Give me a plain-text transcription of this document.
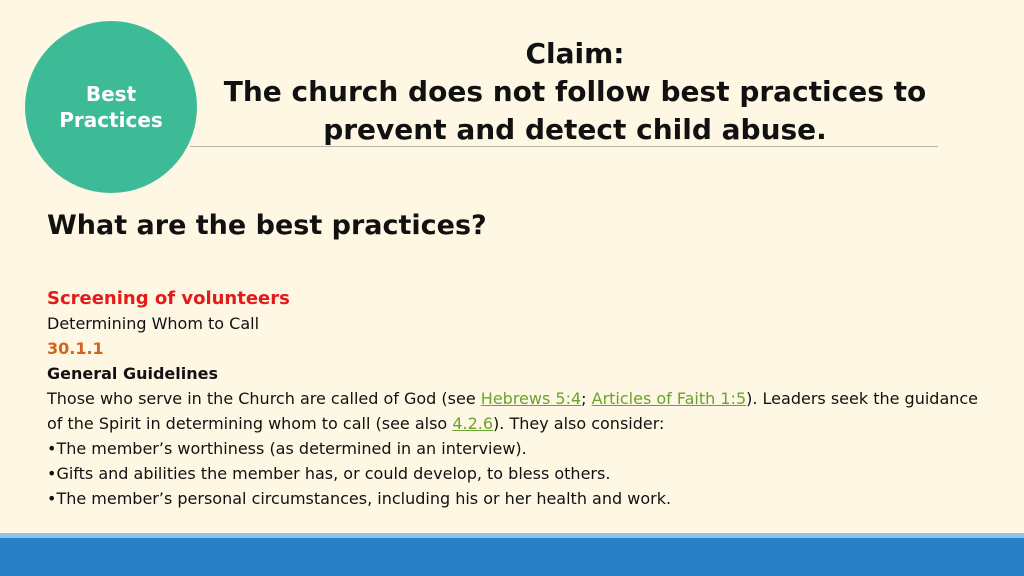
Best
Practices
Claim:
The church does not follow best practices to
prevent and detect child abuse.
What are the best practices?
Screening of volunteers
Determining Whom to Call
30.1.1
General Guidelines

Those who serve in the Church are called of God (see Hebrews 5:4; Articles of Faith 1:5). Leaders seek the guidance of the Spirit in determining whom to call (see also 4.2.6). They also consider:

•The member’s worthiness (as determined in an interview).
•Gifts and abilities the member has, or could develop, to bless others.
•The member’s personal circumstances, including his or her health and work.
